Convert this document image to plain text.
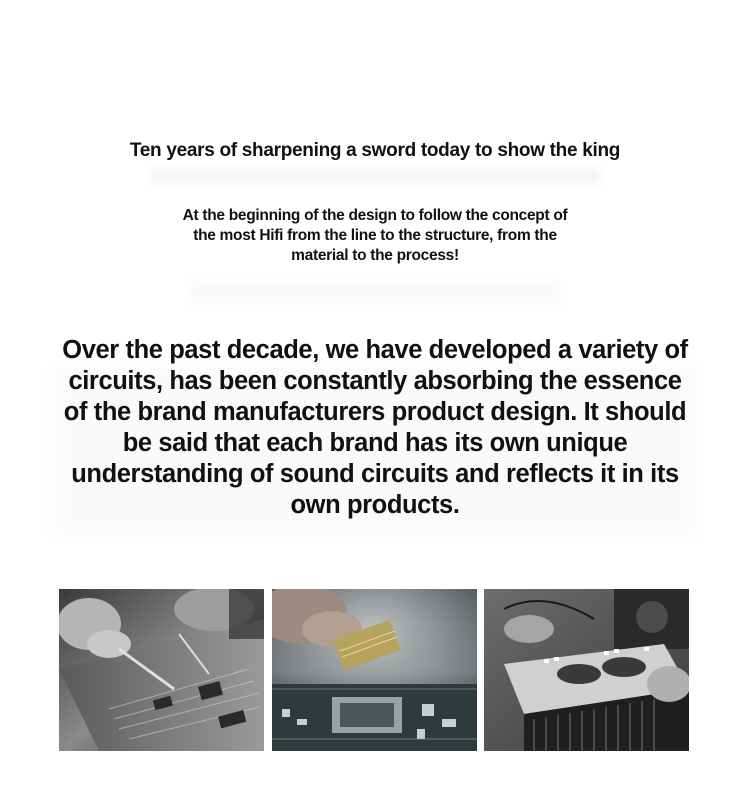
Ten years of sharpening a sword today to show the king
At the beginning of the design to follow the concept of the most Hifi from the line to the structure, from the material to the process!
Over the past decade, we have developed a variety of circuits, has been constantly absorbing the essence of the brand manufacturers product design. It should be said that each brand has its own unique understanding of sound circuits and reflects it in its own products.
